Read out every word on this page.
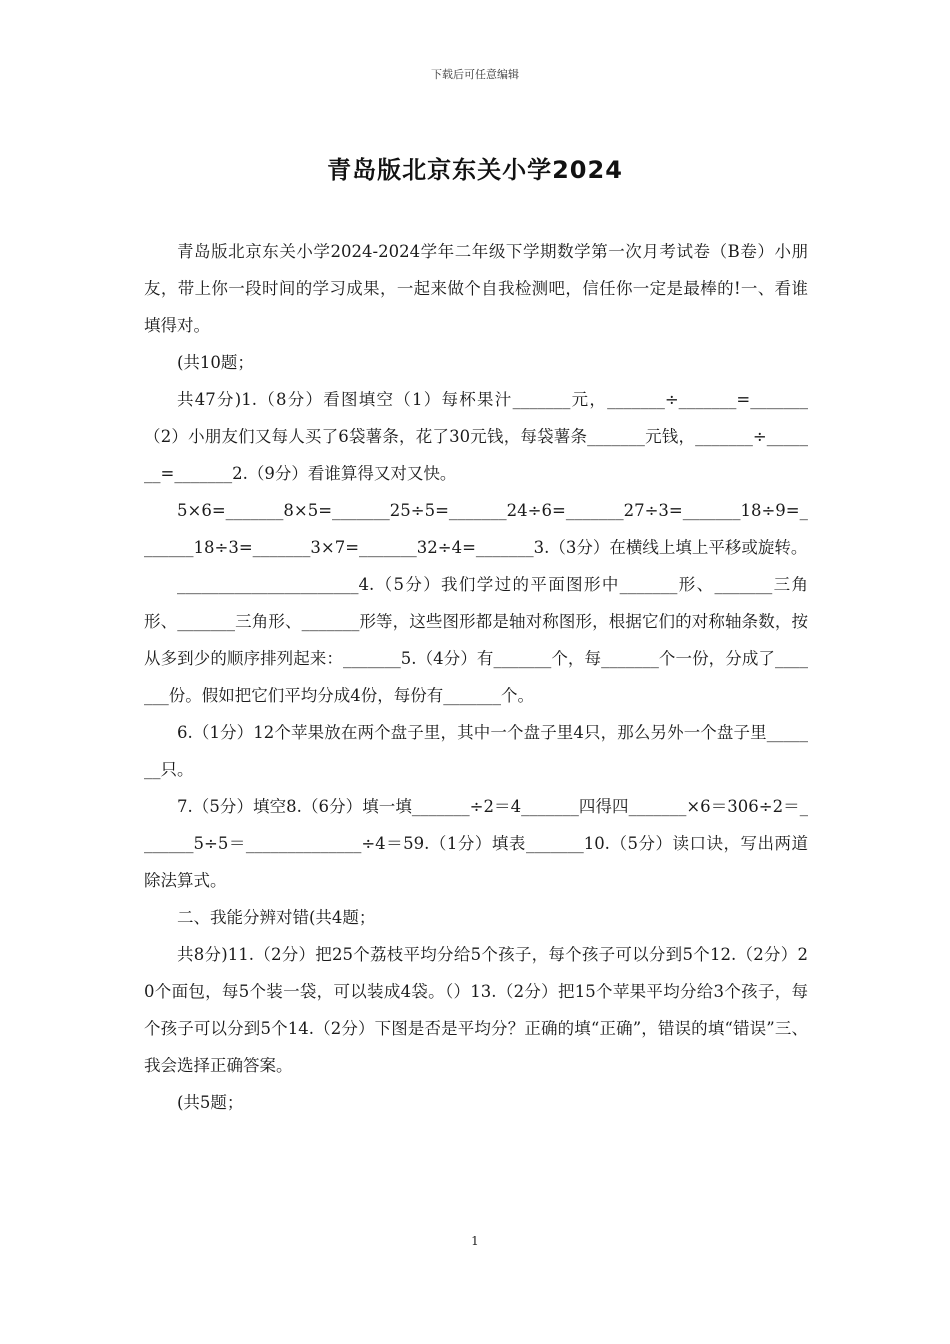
下载后可任意编辑
青岛版北京东关小学2024

青岛版北京东关小学2024-2024学年二年级下学期数学第一次月考试卷（B卷）小朋友，带上你一段时间的学习成果，一起来做个自我检测吧，信任你一定是最棒的!一、看谁填得对。

(共10题；

共47分)1.（8分）看图填空（1）每杯果汁_______元，_______÷_______=_______（2）小朋友们又每人买了6袋薯条，花了30元钱，每袋薯条_______元钱，_______÷_______=_______2.（9分）看谁算得又对又快。

5×6=_______8×5=_______25÷5=_______24÷6=_______27÷3=_______18÷9=_______18÷3=_______3×7=_______32÷4=_______3.（3分）在横线上填上平移或旋转。

______________________4.（5分）我们学过的平面图形中_______形、_______三角形、_______三角形、_______形等，这些图形都是轴对称图形，根据它们的对称轴条数，按从多到少的顺序排列起来：_______5.（4分）有_______个，每_______个一份，分成了_______份。假如把它们平均分成4份，每份有_______个。

6.（1分）12个苹果放在两个盘子里，其中一个盘子里4只，那么另外一个盘子里_______只。

7.（5分）填空8.（6分）填一填_______÷2＝4_______四得四_______×6＝306÷2＝_______5÷5＝______________÷4＝59.（1分）填表_______10.（5分）读口诀，写出两道除法算式。

二、我能分辨对错(共4题；

共8分)11.（2分）把25个荔枝平均分给5个孩子，每个孩子可以分到5个12.（2分）20个面包，每5个装一袋，可以装成4袋。（）13.（2分）把15个苹果平均分给3个孩子，每个孩子可以分到5个14.（2分）下图是否是平均分？正确的填“正确”，错误的填“错误”三、我会选择正确答案。

(共5题；

1
